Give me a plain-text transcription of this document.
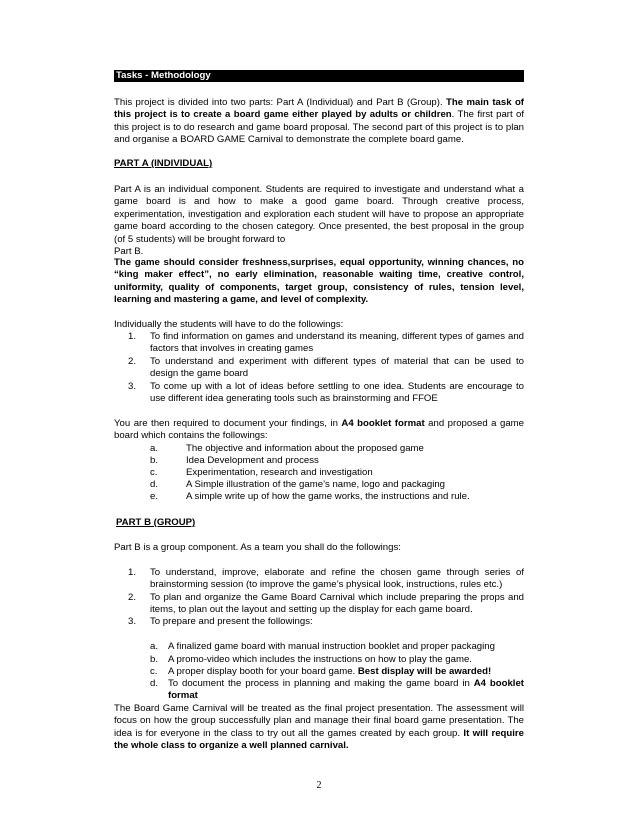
Tasks - Methodology

This project is divided into two parts: Part A (Individual) and Part B (Group). The main task of this project is to create a board game either played by adults or children. The first part of this project is to do research and game board proposal. The second part of this project is to plan and organise a BOARD GAME Carnival to demonstrate the complete board game.

PART A (INDIVIDUAL)

Part A is an individual component. Students are required to investigate and understand what a game board is and how to make a good game board. Through creative process, experimentation, investigation and exploration each student will have to propose an appropriate game board according to the chosen category. Once presented, the best proposal in the group (of 5 students) will be brought forward to
Part B.

The game should consider freshness,surprises, equal opportunity, winning chances, no “king maker effect”, no early elimination, reasonable waiting time, creative control, uniformity, quality of components, target group, consistency of rules, tension level, learning and mastering a game, and level of complexity.

Individually the students will have to do the followings:

1. To find information on games and understand its meaning, different types of games and factors that involves in creating games

2. To understand and experiment with different types of material that can be used to design the game board

3. To come up with a lot of ideas before settling to one idea. Students are encourage to use different idea generating tools such as brainstorming and FFOE

You are then required to document your findings, in A4 booklet format and proposed a game board which contains the followings:

a.	The objective and information about the proposed game

b.	Idea Development and process

c.	Experimentation, research and investigation

d.	A Simple illustration of the game’s name, logo and packaging

e.	A simple write up of how the game works, the instructions and rule.

PART B (GROUP)

Part B is a group component. As a team you shall do the followings:

1. To understand, improve, elaborate and refine the chosen game through series of brainstorming session (to improve the game’s physical look, instructions, rules etc.)

2. To plan and organize the Game Board Carnival which include preparing the props and items, to plan out the layout and setting up the display for each game board.

3. To prepare and present the followings:

a. A finalized game board with manual instruction booklet and proper packaging

b. A promo-video which includes the instructions on how to play the game.

c. A proper display booth for your board game. Best display will be awarded!

d. To document the process in planning and making the game board in A4 booklet format

The Board Game Carnival will be treated as the final project presentation. The assessment will focus on how the group successfully plan and manage their final board game presentation. The idea is for everyone in the class to try out all the games created by each group. It will require the whole class to organize a well planned carnival.

2
